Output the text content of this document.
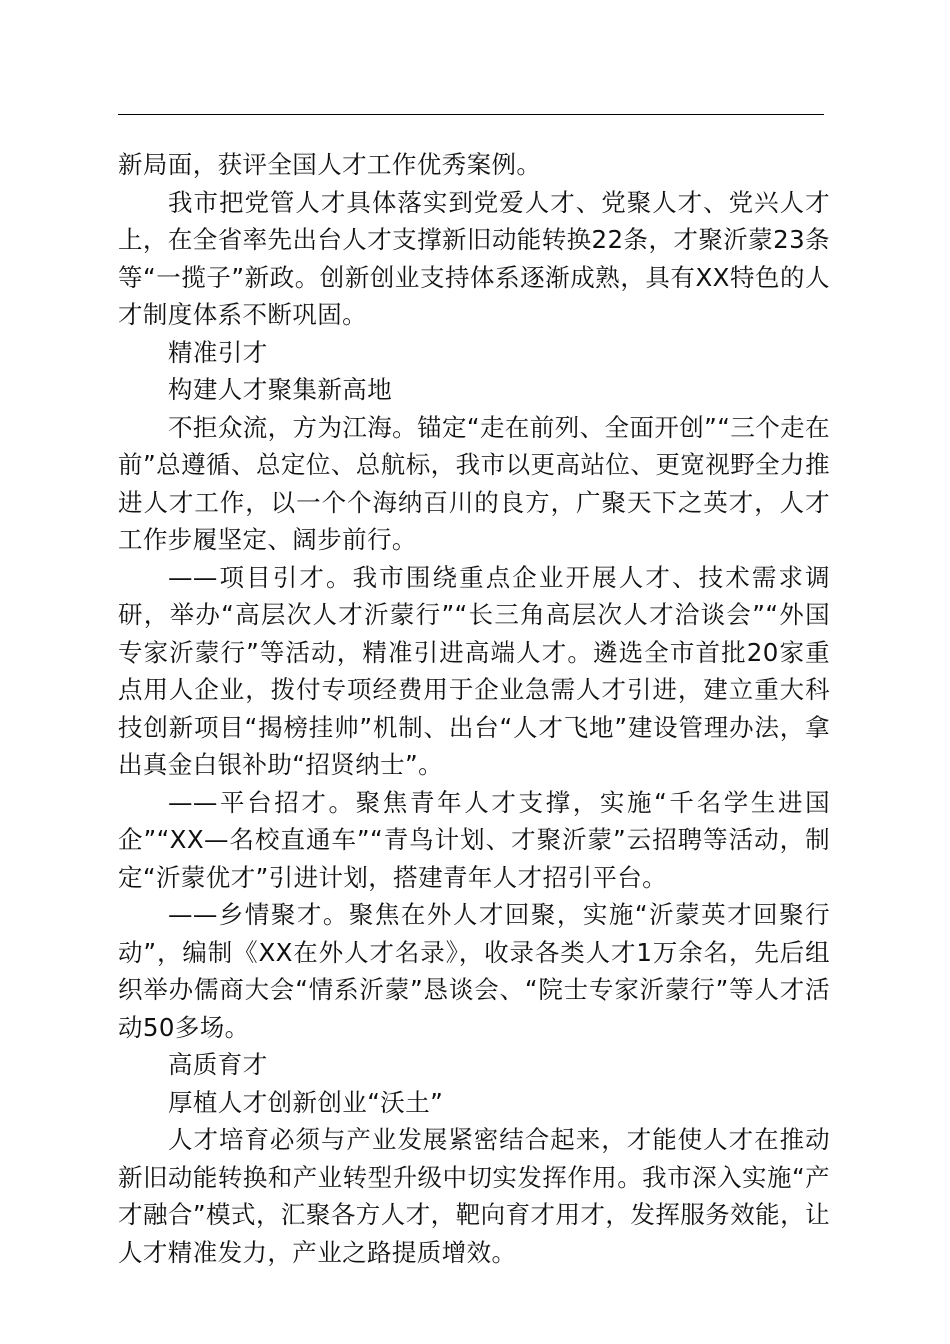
新局面，获评全国人才工作优秀案例。

我市把党管人才具体落实到党爱人才、党聚人才、党兴人才上，在全省率先出台人才支撑新旧动能转换22条，才聚沂蒙23条等“一揽子”新政。创新创业支持体系逐渐成熟，具有XX特色的人才制度体系不断巩固。

精准引才

构建人才聚集新高地

不拒众流，方为江海。锚定“走在前列、全面开创”“三个走在前”总遵循、总定位、总航标，我市以更高站位、更宽视野全力推进人才工作，以一个个海纳百川的良方，广聚天下之英才，人才工作步履坚定、阔步前行。

——项目引才。我市围绕重点企业开展人才、技术需求调研，举办“高层次人才沂蒙行”“长三角高层次人才洽谈会”“外国专家沂蒙行”等活动，精准引进高端人才。遴选全市首批20家重点用人企业，拨付专项经费用于企业急需人才引进，建立重大科技创新项目“揭榜挂帅”机制、出台“人才飞地”建设管理办法，拿出真金白银补助“招贤纳士”。

——平台招才。聚焦青年人才支撑，实施“千名学生进国企”“XX—名校直通车”“青鸟计划、才聚沂蒙”云招聘等活动，制定“沂蒙优才”引进计划，搭建青年人才招引平台。

——乡情聚才。聚焦在外人才回聚，实施“沂蒙英才回聚行动”，编制《XX在外人才名录》，收录各类人才1万余名，先后组织举办儒商大会“情系沂蒙”恳谈会、“院士专家沂蒙行”等人才活动50多场。

高质育才

厚植人才创新创业“沃土”

人才培育必须与产业发展紧密结合起来，才能使人才在推动新旧动能转换和产业转型升级中切实发挥作用。我市深入实施“产才融合”模式，汇聚各方人才，靶向育才用才，发挥服务效能，让人才精准发力，产业之路提质增效。
